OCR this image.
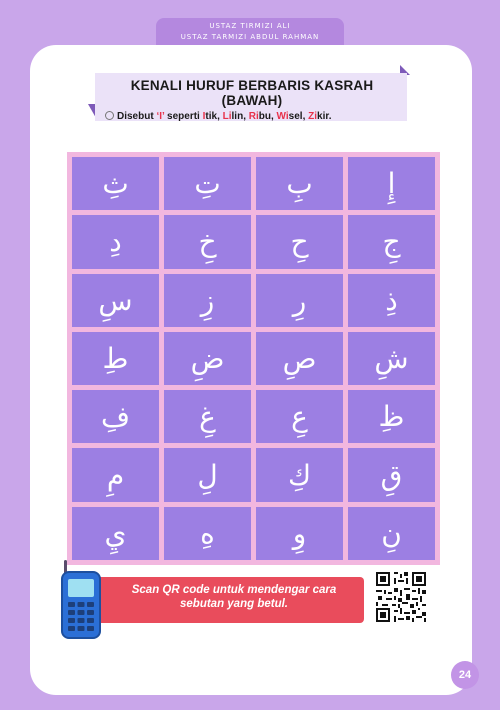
USTAZ TIRMIZI ALI
USTAZ TARMIZI ABDUL RAHMAN
KENALI HURUF BERBARIS KASRAH (BAWAH)
Disebut ‘I’ seperti Itik, Lilin, Ribu, Wisel, Zikir.
ثِ	تِ	بِ	إِ
دِ	خِ	حِ	جِ
سِ	زِ	رِ	ذِ
طِ	ضِ	صِ	شِ
فِ	غِ	عِ	ظِ
مِ	لِ	كِ	قِ
يِ	هِ	وِ	نِ
Scan QR code untuk mendengar cara
sebutan yang betul.
24
